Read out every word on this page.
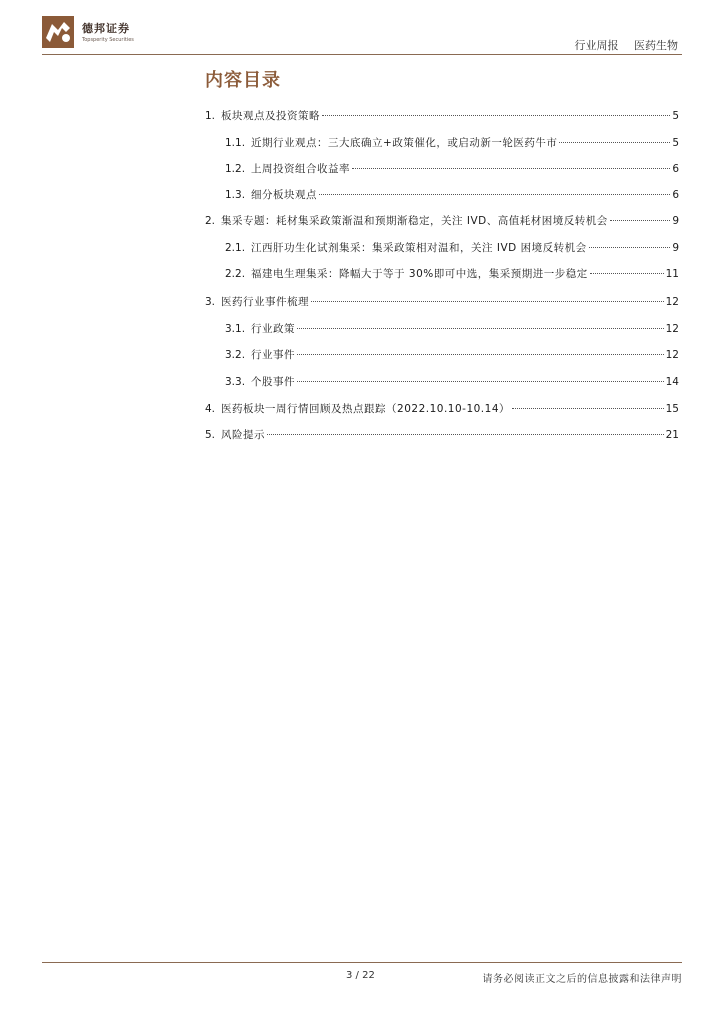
德邦证券
Topsperity Securities	行业周报 医药生物
内容目录
1. 板块观点及投资策略	5
1.1. 近期行业观点：三大底确立+政策催化，或启动新一轮医药牛市	5
1.2. 上周投资组合收益率	6
1.3. 细分板块观点	6
2. 集采专题：耗材集采政策渐温和预期渐稳定，关注 IVD、高值耗材困境反转机会	9
2.1. 江西肝功生化试剂集采：集采政策相对温和，关注 IVD 困境反转机会	9
2.2. 福建电生理集采：降幅大于等于 30%即可中选，集采预期进一步稳定	11
3. 医药行业事件梳理	12
3.1. 行业政策	12
3.2. 行业事件	12
3.3. 个股事件	14
4. 医药板块一周行情回顾及热点跟踪（2022.10.10-10.14）	15
5. 风险提示	21
3 / 22	请务必阅读正文之后的信息披露和法律声明
